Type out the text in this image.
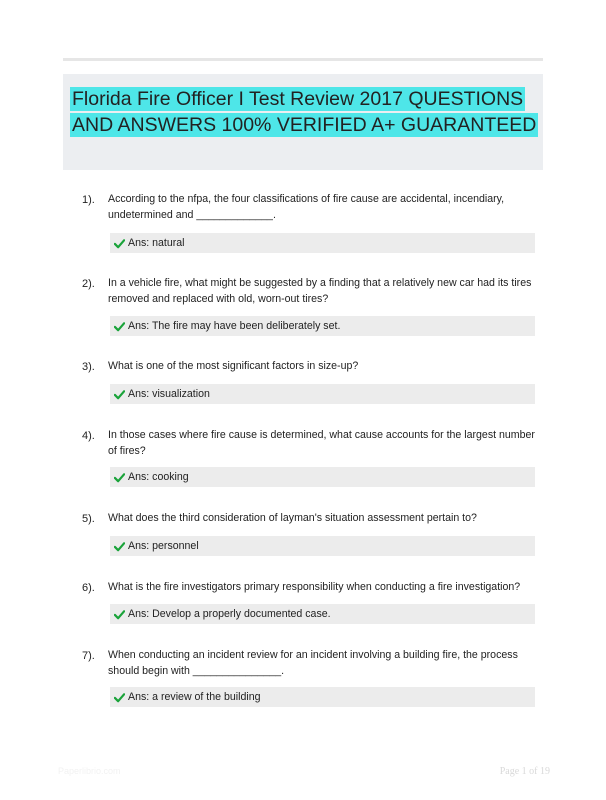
Florida Fire Officer I Test Review 2017 QUESTIONS AND ANSWERS 100% VERIFIED A+ GUARANTEED
1). According to the nfpa, the four classifications of fire cause are accidental, incendiary, undetermined and _____________.
Ans: natural
2). In a vehicle fire, what might be suggested by a finding that a relatively new car had its tires removed and replaced with old, worn-out tires?
Ans: The fire may have been deliberately set.
3). What is one of the most significant factors in size-up?
Ans: visualization
4). In those cases where fire cause is determined, what cause accounts for the largest number of fires?
Ans: cooking
5). What does the third consideration of layman's situation assessment pertain to?
Ans: personnel
6). What is the fire investigators primary responsibility when conducting a fire investigation?
Ans: Develop a properly documented case.
7). When conducting an incident review for an incident involving a building fire, the process should begin with _______________.
Ans: a review of the building
Paperlibrio.com	Page 1 of 19
